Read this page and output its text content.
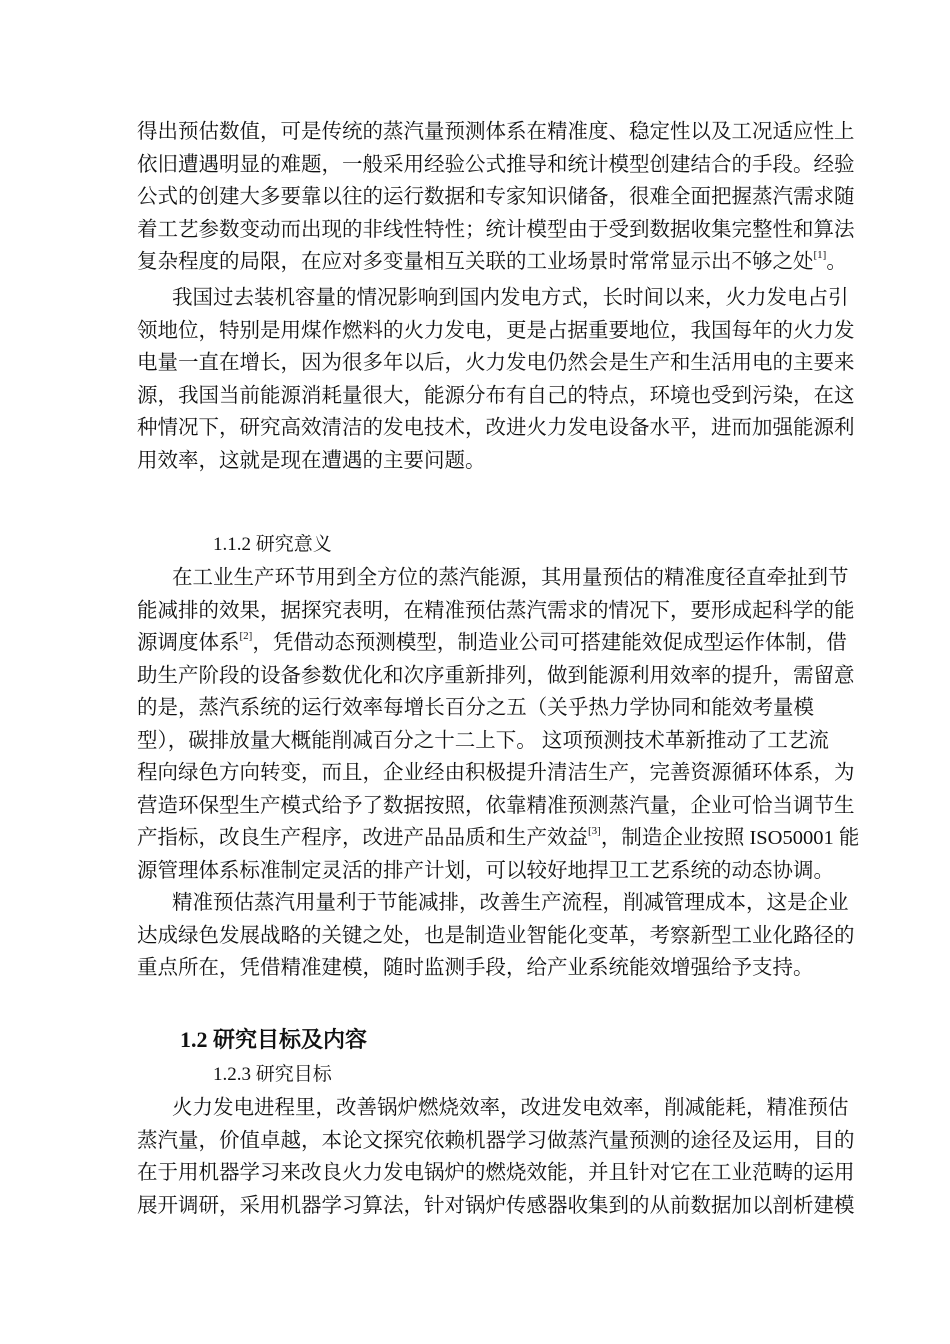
得出预估数值，可是传统的蒸汽量预测体系在精准度、稳定性以及工况适应性上
依旧遭遇明显的难题，一般采用经验公式推导和统计模型创建结合的手段。经验
公式的创建大多要靠以往的运行数据和专家知识储备，很难全面把握蒸汽需求随
着工艺参数变动而出现的非线性特性；统计模型由于受到数据收集完整性和算法
复杂程度的局限，在应对多变量相互关联的工业场景时常常显示出不够之处[1]。
我国过去装机容量的情况影响到国内发电方式，长时间以来，火力发电占引
领地位，特别是用煤作燃料的火力发电，更是占据重要地位，我国每年的火力发
电量一直在增长，因为很多年以后，火力发电仍然会是生产和生活用电的主要来
源，我国当前能源消耗量很大，能源分布有自己的特点，环境也受到污染，在这
种情况下，研究高效清洁的发电技术，改进火力发电设备水平，进而加强能源利
用效率，这就是现在遭遇的主要问题。
1.1.2 研究意义
在工业生产环节用到全方位的蒸汽能源，其用量预估的精准度径直牵扯到节
能减排的效果，据探究表明，在精准预估蒸汽需求的情况下，要形成起科学的能
源调度体系[2]，凭借动态预测模型，制造业公司可搭建能效促成型运作体制，借
助生产阶段的设备参数优化和次序重新排列，做到能源利用效率的提升，需留意
的是，蒸汽系统的运行效率每增长百分之五（关乎热力学协同和能效考量模
型），碳排放量大概能削减百分之十二上下。 这项预测技术革新推动了工艺流
程向绿色方向转变，而且，企业经由积极提升清洁生产，完善资源循环体系，为
营造环保型生产模式给予了数据按照，依靠精准预测蒸汽量，企业可恰当调节生
产指标，改良生产程序，改进产品品质和生产效益[3]，制造企业按照 ISO50001 能
源管理体系标准制定灵活的排产计划，可以较好地捍卫工艺系统的动态协调。
精准预估蒸汽用量利于节能减排，改善生产流程，削减管理成本，这是企业
达成绿色发展战略的关键之处，也是制造业智能化变革，考察新型工业化路径的
重点所在，凭借精准建模，随时监测手段，给产业系统能效增强给予支持。
1.2 研究目标及内容
1.2.3 研究目标
火力发电进程里，改善锅炉燃烧效率，改进发电效率，削减能耗，精准预估
蒸汽量，价值卓越，本论文探究依赖机器学习做蒸汽量预测的途径及运用，目的
在于用机器学习来改良火力发电锅炉的燃烧效能，并且针对它在工业范畴的运用
展开调研，采用机器学习算法，针对锅炉传感器收集到的从前数据加以剖析建模
